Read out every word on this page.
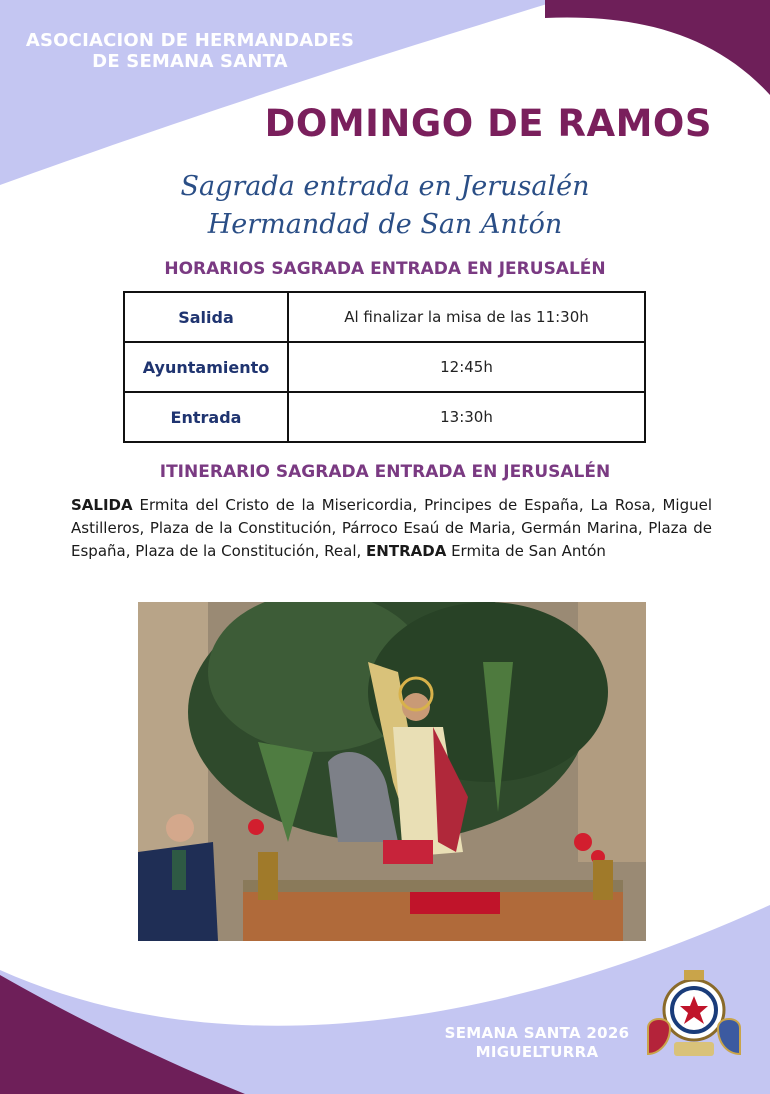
ASOCIACION DE HERMANDADES
DE SEMANA SANTA
DOMINGO DE RAMOS
Sagrada entrada en Jerusalén
Hermandad de San Antón
HORARIOS SAGRADA ENTRADA EN JERUSALÉN
Salida	Al finalizar la misa de las 11:30h
Ayuntamiento	12:45h
Entrada	13:30h
ITINERARIO SAGRADA ENTRADA EN JERUSALÉN
SALIDA Ermita del Cristo de la Misericordia, Principes de España, La Rosa, Miguel Astilleros, Plaza de la Constitución, Párroco Esaú de Maria, Germán Marina, Plaza de España, Plaza de la Constitución, Real, ENTRADA Ermita de San Antón
SEMANA SANTA 2026
MIGUELTURRA
